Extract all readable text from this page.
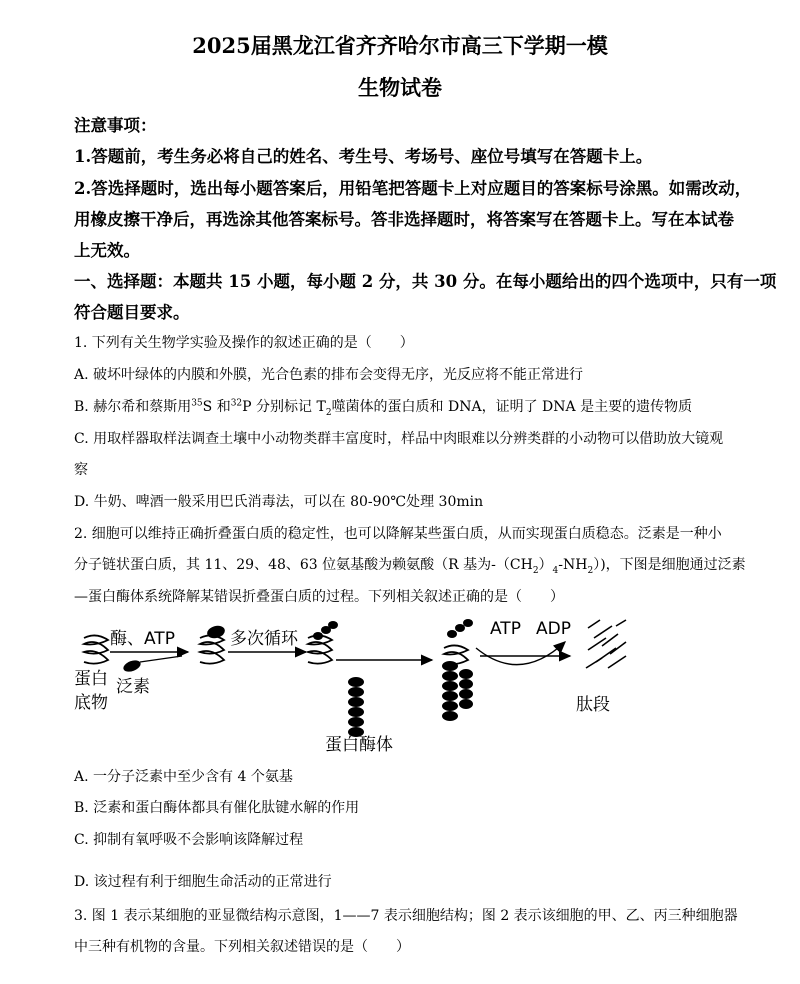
2025届黑龙江省齐齐哈尔市高三下学期一模
生物试卷
注意事项：
1.答题前，考生务必将自己的姓名、考生号、考场号、座位号填写在答题卡上。
2.答选择题时，选出每小题答案后，用铅笔把答题卡上对应题目的答案标号涂黑。如需改动，
用橡皮擦干净后，再选涂其他答案标号。答非选择题时，将答案写在答题卡上。写在本试卷
上无效。
一、选择题：本题共 15 小题，每小题 2 分，共 30 分。在每小题给出的四个选项中，只有一项
符合题目要求。
1. 下列有关生物学实验及操作的叙述正确的是（　　）
A. 破坏叶绿体的内膜和外膜，光合色素的排布会变得无序，光反应将不能正常进行
B. 赫尔希和蔡斯用$^{35}$S 和$^{32}$P 分别标记 $T_2$噬菌体的蛋白质和 DNA，证明了 DNA 是主要的遗传物质
C. 用取样器取样法调查土壤中小动物类群丰富度时，样品中肉眼难以分辨类群的小动物可以借助放大镜观
察
D. 牛奶、啤酒一般采用巴氏消毒法，可以在 80-90℃处理 30min
2. 细胞可以维持正确折叠蛋白质的稳定性，也可以降解某些蛋白质，从而实现蛋白质稳态。泛素是一种小
分子链状蛋白质，其 11、29、48、63 位氨基酸为赖氨酸（R 基为$-(CH_2)_4-NH_2$）)，下图是细胞通过泛素
—蛋白酶体系统降解某错误折叠蛋白质的过程。下列相关叙述正确的是（　　）
酶、ATP	多次循环
蛋白酶体
ATP ADP
肽段
蛋白
底物
泛素
A. 一分子泛素中至少含有 4 个氨基
B. 泛素和蛋白酶体都具有催化肽键水解的作用
C. 抑制有氧呼吸不会影响该降解过程
D. 该过程有利于细胞生命活动的正常进行
3. 图 1 表示某细胞的亚显微结构示意图，1——7 表示细胞结构；图 2 表示该细胞的甲、乙、丙三种细胞器
中三种有机物的含量。下列相关叙述错误的是（　　）
